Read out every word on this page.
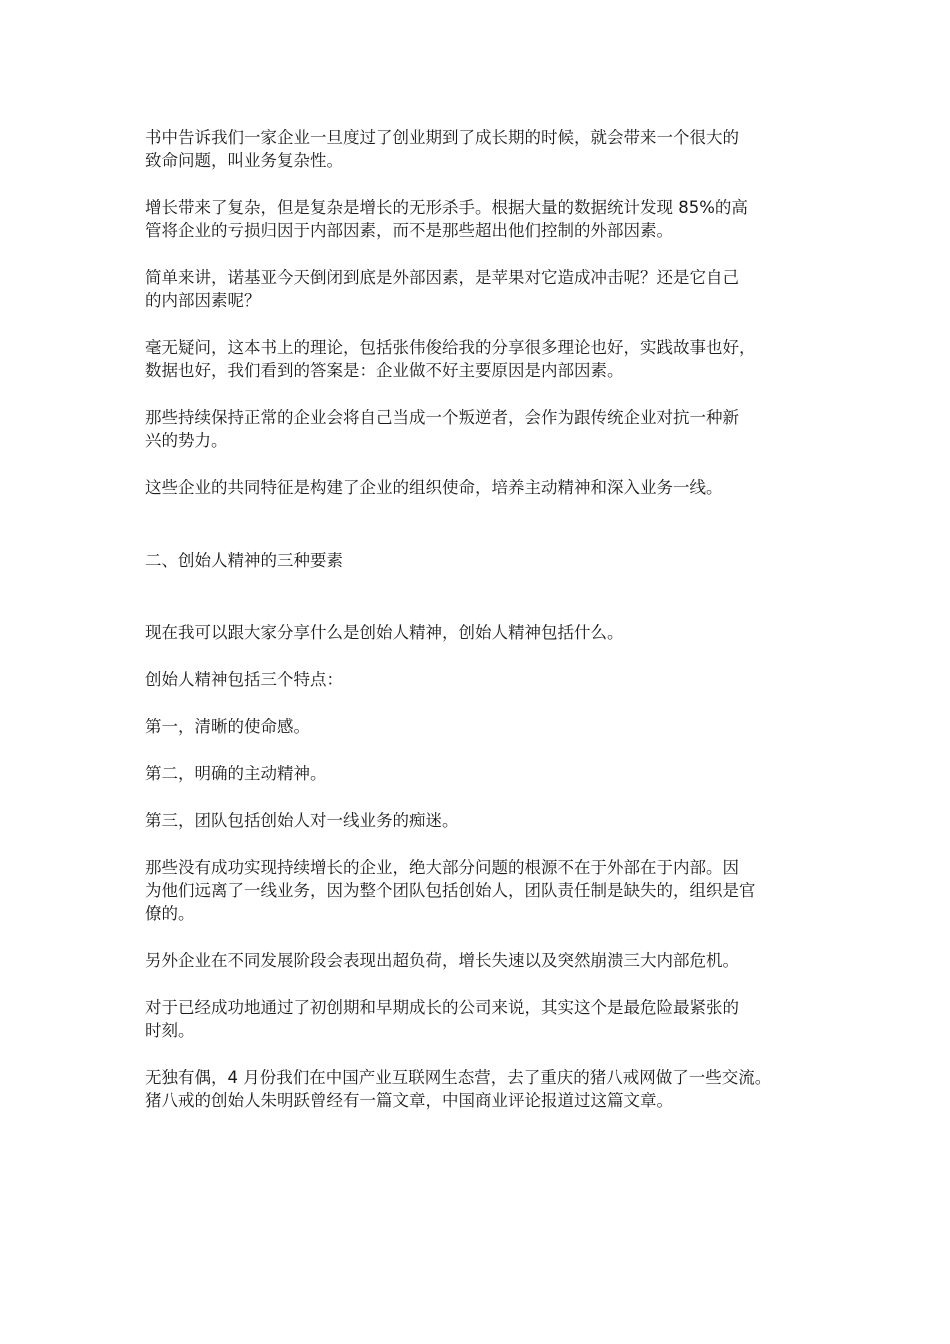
书中告诉我们一家企业一旦度过了创业期到了成长期的时候，就会带来一个很大的
致命问题，叫业务复杂性。

增长带来了复杂，但是复杂是增长的无形杀手。根据大量的数据统计发现 85%的高
管将企业的亏损归因于内部因素，而不是那些超出他们控制的外部因素。

简单来讲，诺基亚今天倒闭到底是外部因素，是苹果对它造成冲击呢？还是它自己
的内部因素呢？

毫无疑问，这本书上的理论，包括张伟俊给我的分享很多理论也好，实践故事也好，
数据也好，我们看到的答案是：企业做不好主要原因是内部因素。

那些持续保持正常的企业会将自己当成一个叛逆者，会作为跟传统企业对抗一种新
兴的势力。

这些企业的共同特征是构建了企业的组织使命，培养主动精神和深入业务一线。

二、创始人精神的三种要素

现在我可以跟大家分享什么是创始人精神，创始人精神包括什么。

创始人精神包括三个特点：

第一，清晰的使命感。

第二，明确的主动精神。

第三，团队包括创始人对一线业务的痴迷。

那些没有成功实现持续增长的企业，绝大部分问题的根源不在于外部在于内部。因
为他们远离了一线业务，因为整个团队包括创始人，团队责任制是缺失的，组织是官
僚的。

另外企业在不同发展阶段会表现出超负荷，增长失速以及突然崩溃三大内部危机。

对于已经成功地通过了初创期和早期成长的公司来说，其实这个是最危险最紧张的
时刻。

无独有偶，4 月份我们在中国产业互联网生态营，去了重庆的猪八戒网做了一些交流。
猪八戒的创始人朱明跃曾经有一篇文章，中国商业评论报道过这篇文章。
